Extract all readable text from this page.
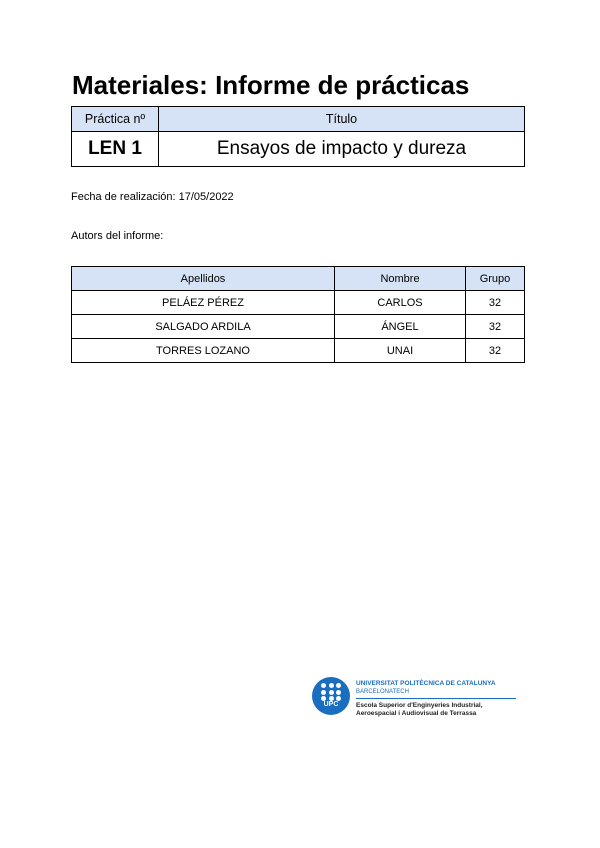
Materiales: Informe de prácticas
Práctica nº	Título
LEN 1	Ensayos de impacto y dureza
Fecha de realización: 17/05/2022
Autors del informe:
Apellidos	Nombre	Grupo
PELÁEZ PÉREZ	CARLOS	32
SALGADO ARDILA	ÁNGEL	32
TORRES LOZANO	UNAI	32
UPC
UNIVERSITAT POLITÈCNICA DE CATALUNYA
BARCELONATECH
Escola Superior d'Enginyeries Industrial,
Aeroespacial i Audiovisual de Terrassa
